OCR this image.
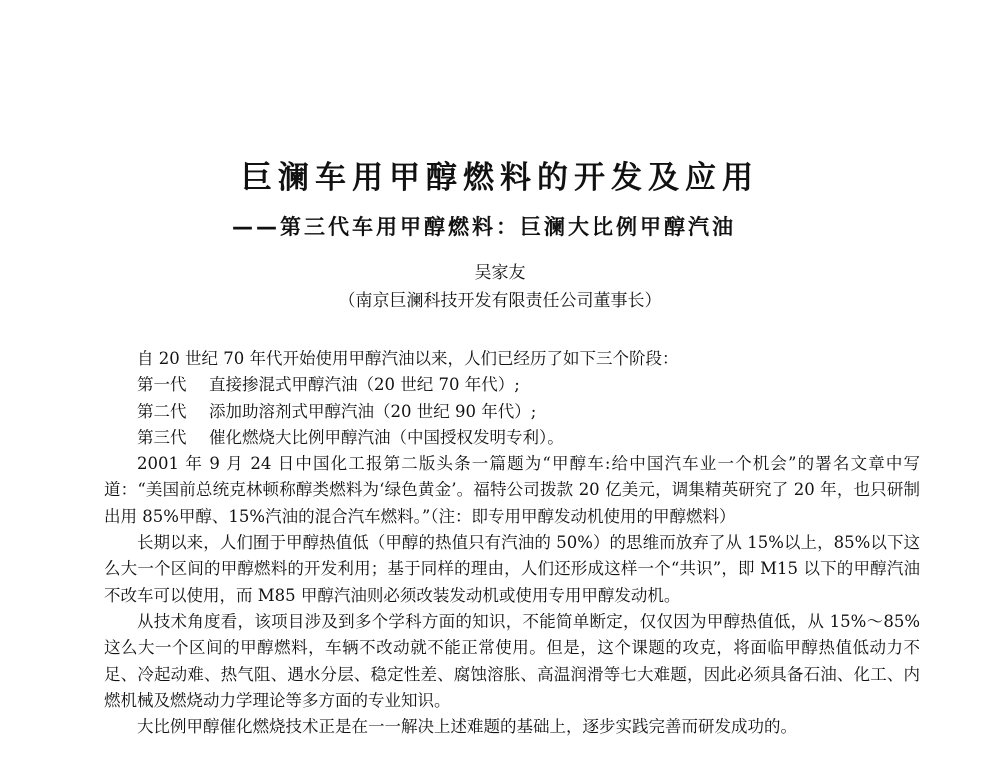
巨澜车用甲醇燃料的开发及应用
——第三代车用甲醇燃料：巨澜大比例甲醇汽油
吴家友
（南京巨澜科技开发有限责任公司董事长）

自 20 世纪 70 年代开始使用甲醇汽油以来，人们已经历了如下三个阶段：

第一代 直接掺混式甲醇汽油（20 世纪 70 年代）;

第二代 添加助溶剂式甲醇汽油（20 世纪 90 年代）;

第三代 催化燃烧大比例甲醇汽油（中国授权发明专利）。

2001 年 9 月 24 日中国化工报第二版头条一篇题为“甲醇车:给中国汽车业一个机会”的署名文章中写道：“美国前总统克林顿称醇类燃料为‘绿色黄金’。福特公司拨款 20 亿美元，调集精英研究了 20 年，也只研制出用 85%甲醇、15%汽油的混合汽车燃料。”（注：即专用甲醇发动机使用的甲醇燃料）

长期以来，人们囿于甲醇热值低（甲醇的热值只有汽油的 50%）的思维而放弃了从 15%以上，85%以下这么大一个区间的甲醇燃料的开发利用；基于同样的理由，人们还形成这样一个“共识”，即 M15 以下的甲醇汽油不改车可以使用，而 M85 甲醇汽油则必须改装发动机或使用专用甲醇发动机。

从技术角度看，该项目涉及到多个学科方面的知识，不能简单断定，仅仅因为甲醇热值低，从 15%～85%这么大一个区间的甲醇燃料，车辆不改动就不能正常使用。但是，这个课题的攻克，将面临甲醇热值低动力不足、冷起动难、热气阻、遇水分层、稳定性差、腐蚀溶胀、高温润滑等七大难题，因此必须具备石油、化工、内燃机械及燃烧动力学理论等多方面的专业知识。

大比例甲醇催化燃烧技术正是在一一解决上述难题的基础上，逐步实践完善而研发成功的。
